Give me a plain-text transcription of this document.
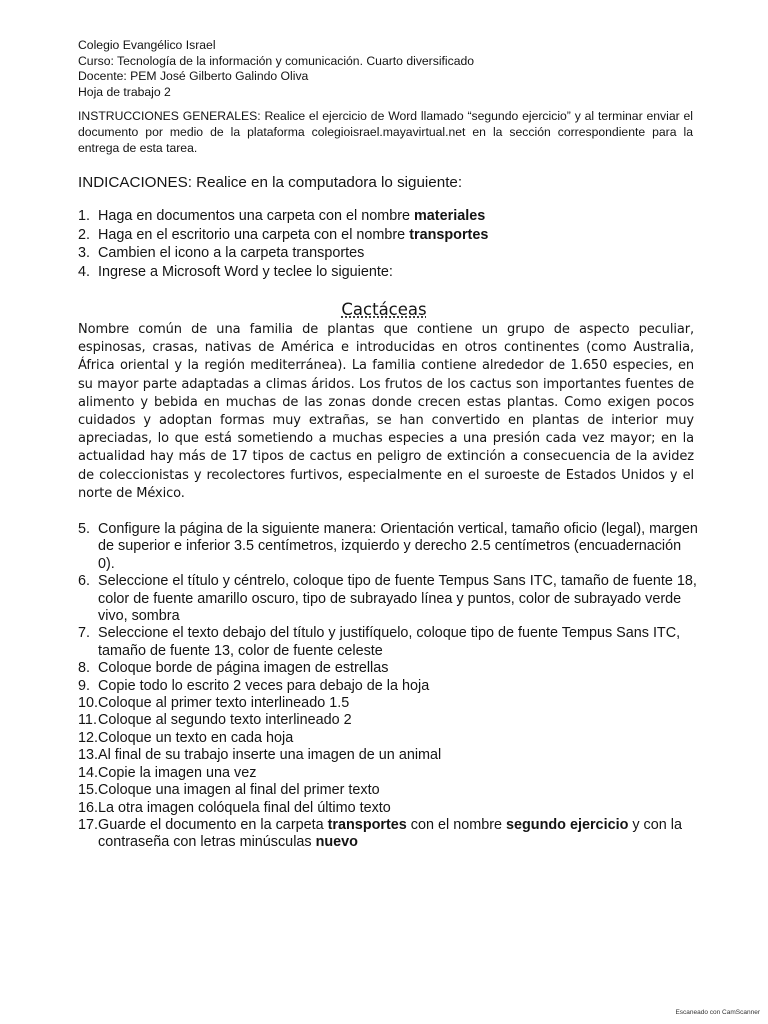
Colegio Evangélico Israel
Curso: Tecnología de la información y comunicación. Cuarto diversificado
Docente: PEM José Gilberto Galindo Oliva
Hoja de trabajo 2
INSTRUCCIONES GENERALES: Realice el ejercicio de Word llamado “segundo ejercicio” y al terminar enviar el documento por medio de la plataforma colegioisrael.mayavirtual.net en la sección correspondiente para la entrega de esta tarea.
INDICACIONES: Realice en la computadora lo siguiente:
1. Haga en documentos una carpeta con el nombre materiales
2. Haga en el escritorio una carpeta con el nombre transportes
3. Cambien el icono a la carpeta transportes
4. Ingrese a Microsoft Word y teclee lo siguiente:
Cactáceas
Nombre común de una familia de plantas que contiene un grupo de aspecto peculiar, espinosas, crasas, nativas de América e introducidas en otros continentes (como Australia, África oriental y la región mediterránea). La familia contiene alrededor de 1.650 especies, en su mayor parte adaptadas a climas áridos. Los frutos de los cactus son importantes fuentes de alimento y bebida en muchas de las zonas donde crecen estas plantas. Como exigen pocos cuidados y adoptan formas muy extrañas, se han convertido en plantas de interior muy apreciadas, lo que está sometiendo a muchas especies a una presión cada vez mayor; en la actualidad hay más de 17 tipos de cactus en peligro de extinción a consecuencia de la avidez de coleccionistas y recolectores furtivos, especialmente en el suroeste de Estados Unidos y el norte de México.
5. Configure la página de la siguiente manera: Orientación vertical, tamaño oficio (legal), margen de superior e inferior 3.5 centímetros, izquierdo y derecho 2.5 centímetros (encuadernación 0).
6. Seleccione el título y céntrelo, coloque tipo de fuente Tempus Sans ITC, tamaño de fuente 18, color de fuente amarillo oscuro, tipo de subrayado línea y puntos, color de subrayado verde vivo, sombra
7. Seleccione el texto debajo del título y justifíquelo, coloque tipo de fuente Tempus Sans ITC, tamaño de fuente 13, color de fuente celeste
8. Coloque borde de página imagen de estrellas
9. Copie todo lo escrito 2 veces para debajo de la hoja
10. Coloque al primer texto interlineado 1.5
11. Coloque al segundo texto interlineado 2
12. Coloque un texto en cada hoja
13. Al final de su trabajo inserte una imagen de un animal
14. Copie la imagen una vez
15. Coloque una imagen al final del primer texto
16. La otra imagen colóquela final del último texto
17. Guarde el documento en la carpeta transportes con el nombre segundo ejercicio y con la contraseña con letras minúsculas nuevo
Escaneado con CamScanner
